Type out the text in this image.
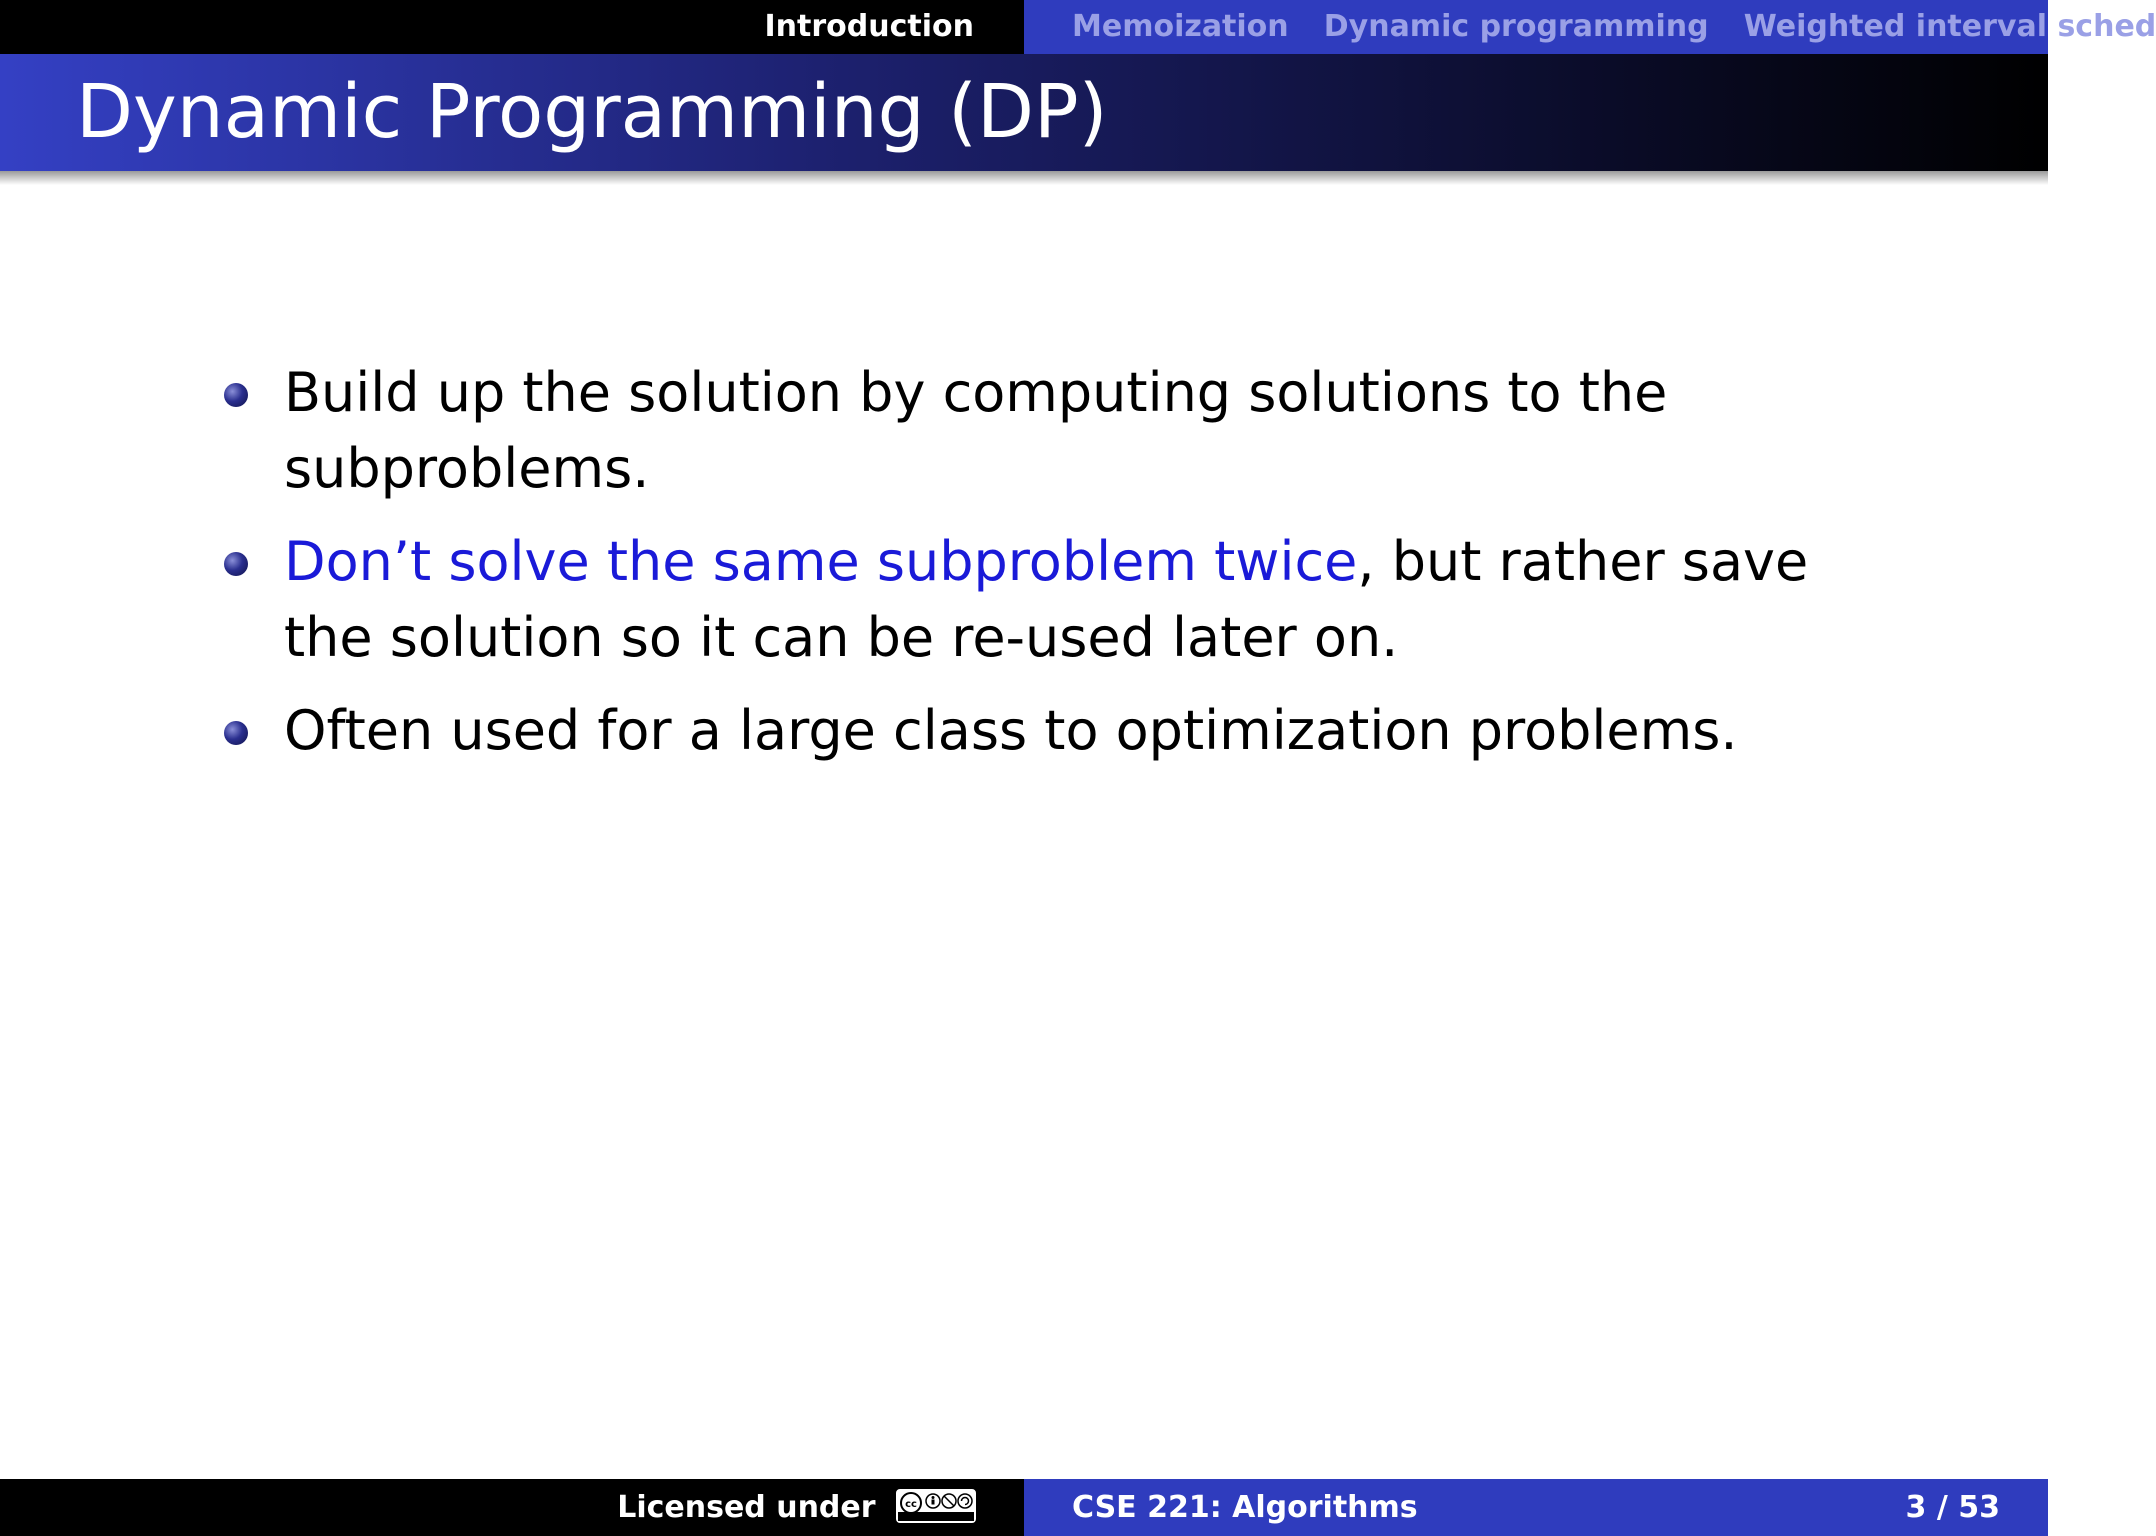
Introduction	Memoization Dynamic programming Weighted interval sched
Dynamic Programming (DP)
Build up the solution by computing solutions to the subproblems.
Don’t solve the same subproblem twice, but rather save the solution so it can be re-used later on.
Often used for a large class to optimization problems.
Licensed under	cc	CSE 221: Algorithms	3 / 53
